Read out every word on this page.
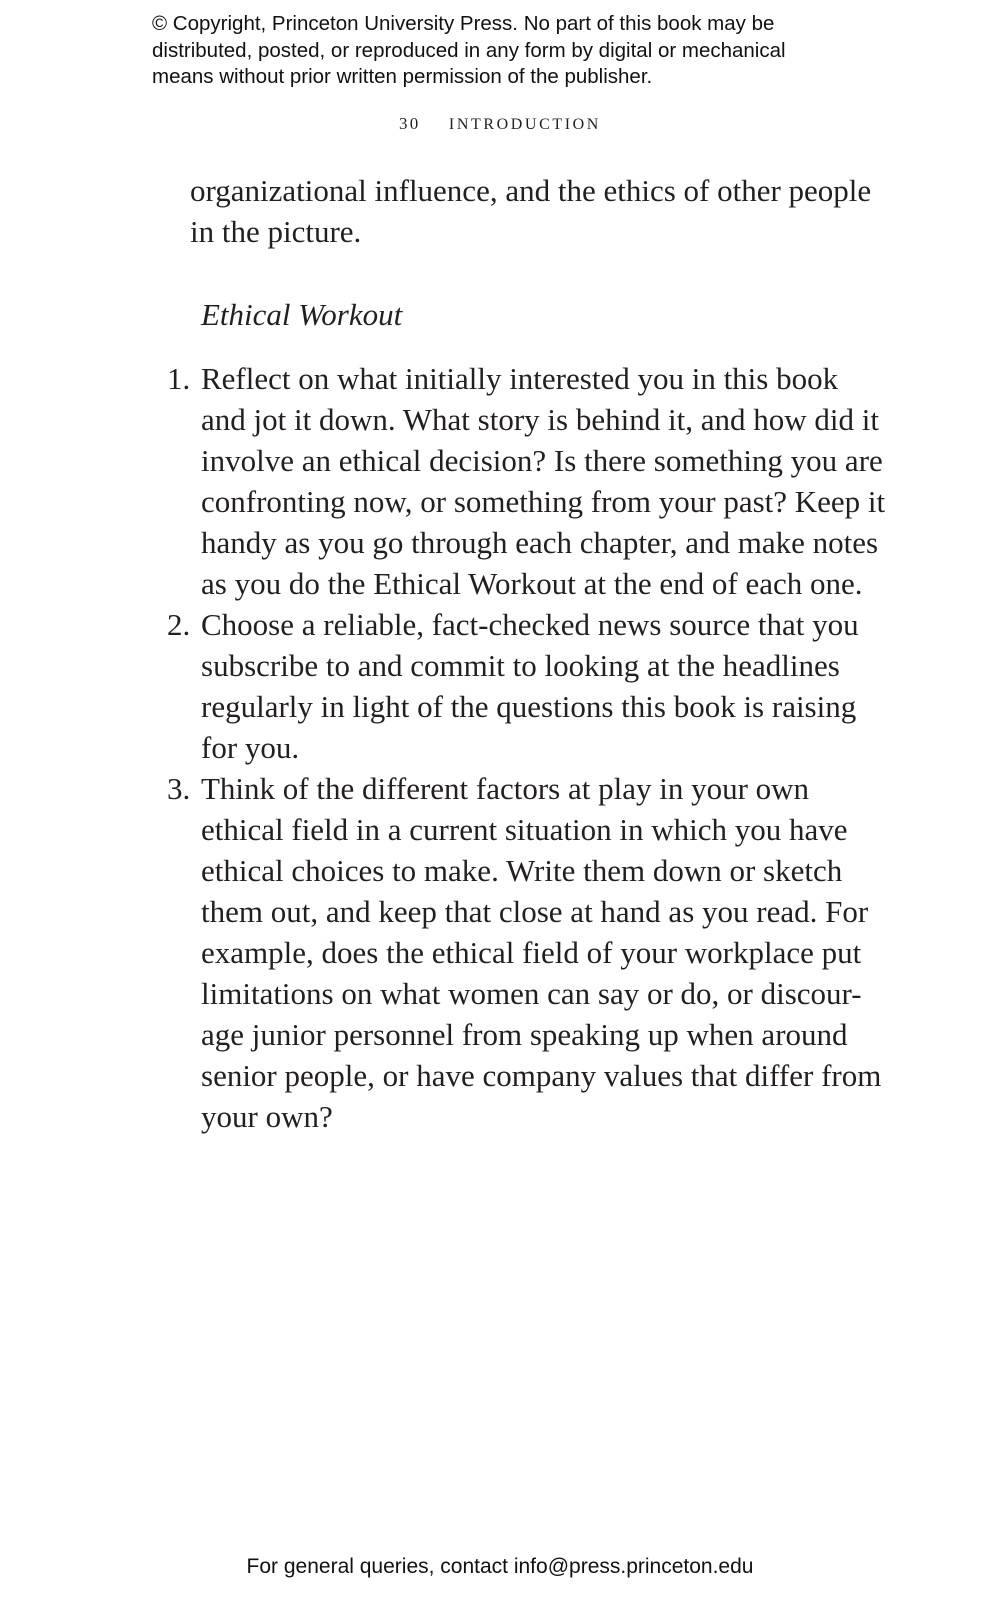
© Copyright, Princeton University Press. No part of this book may be
distributed, posted, or reproduced in any form by digital or mechanical
means without prior written permission of the publisher.
30 INTRODUCTION

organizational influence, and the ethics of other people
in the picture.

Ethical Workout

1. Reflect on what initially interested you in this book
and jot it down. What story is behind it, and how did it
involve an ethical decision? Is there something you are
confronting now, or something from your past? Keep it
handy as you go through each chapter, and make notes
as you do the Ethical Workout at the end of each one.
2. Choose a reliable, fact-checked news source that you
subscribe to and commit to looking at the headlines
regularly in light of the questions this book is raising
for you.
3. Think of the different factors at play in your own
ethical field in a current situation in which you have
ethical choices to make. Write them down or sketch
them out, and keep that close at hand as you read. For
example, does the ethical field of your workplace put
limitations on what women can say or do, or discour-
age junior personnel from speaking up when around
senior people, or have company values that differ from
your own?
For general queries, contact info@press.princeton.edu
